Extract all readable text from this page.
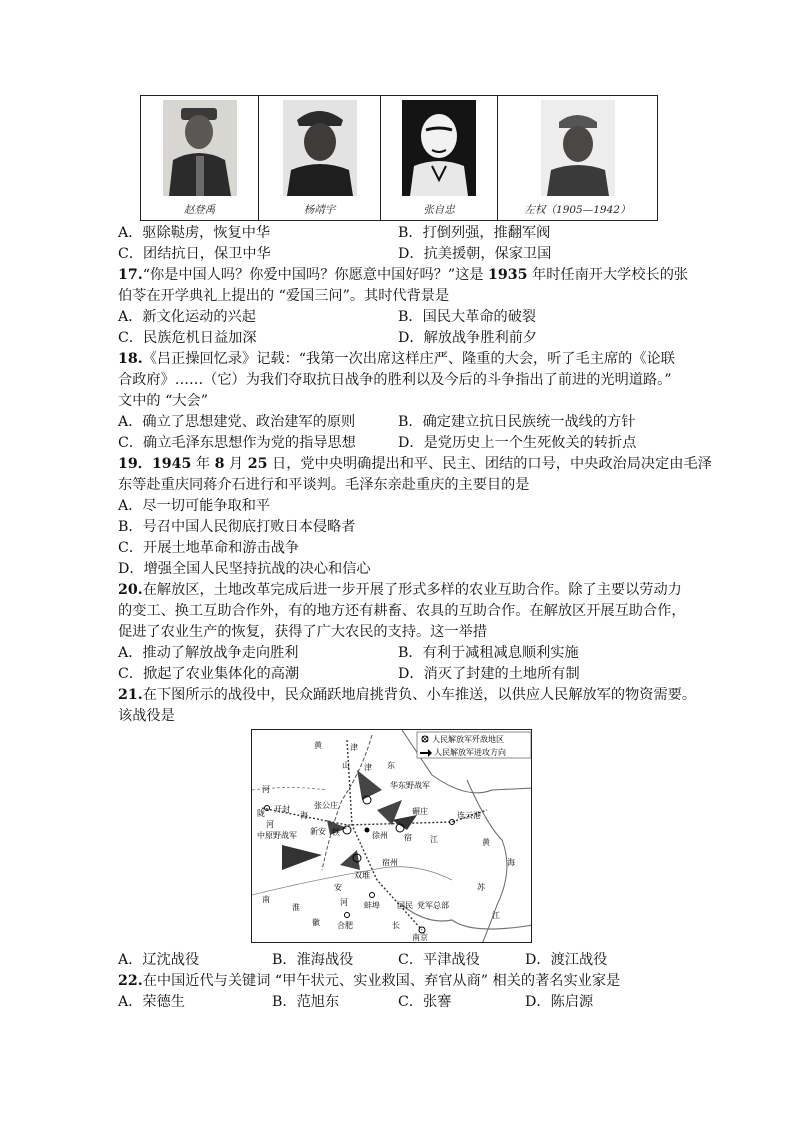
赵登禹	杨靖宇	张自忠	左权（1905—1942）
A．驱除鞑虏，恢复中华	B．打倒列强，推翻军阀
C．团结抗日，保卫中华	D．抗美援朝，保家卫国
17.“你是中国人吗？你爱中国吗？你愿意中国好吗？”这是 1935 年时任南开大学校长的张
伯苓在开学典礼上提出的 “爱国三问”。其时代背景是
A．新文化运动的兴起	B．国民大革命的破裂
C．民族危机日益加深	D．解放战争胜利前夕
18.《吕正操回忆录》记载：“我第一次出席这样庄严、隆重的大会，听了毛主席的《论联
合政府》……（它）为我们夺取抗日战争的胜利以及今后的斗争指出了前进的光明道路。”
文中的 “大会”
A．确立了思想建党、政治建军的原则	B．确定建立抗日民族统一战线的方针
C．确立毛泽东思想作为党的指导思想	D．是党历史上一个生死攸关的转折点
19．1945 年 8 月 25 日，党中央明确提出和平、民主、团结的口号，中央政治局决定由毛泽
东等赴重庆同蒋介石进行和平谈判。毛泽东亲赴重庆的主要目的是
A．尽一切可能争取和平
B．号召中国人民彻底打败日本侵略者
C．开展土地革命和游击战争
D．增强全国人民坚持抗战的决心和信心
20.在解放区，土地改革完成后进一步开展了形式多样的农业互助合作。除了主要以劳动力
的变工、换工互助合作外，有的地方还有耕畜、农具的互助合作。在解放区开展互助合作，
促进了农业生产的恢复，获得了广大农民的支持。这一举措
A．推动了解放战争走向胜利	B．有利于减租减息顺利实施
C．掀起了农业集体化的高潮	D．消灭了封建的土地所有制
21.在下图所示的战役中，民众踊跃地肩挑背负、小车推送，以供应人民解放军的物资需要。
该战役是
人民解放军歼敌地区
人民解放军进攻方向
黄
山 津 东
华东野战军
连云港
黄
海
河
陇 开封
海
张公庄
河
中原野战军 新安 铁	徐州
碾庄
江
宿
双堆
宿州
南
淮
安
河 蚌埠 国民 党军总部
苏
江
徽 合肥	长
南京
津
A．辽沈战役	B．淮海战役	C．平津战役	D．渡江战役
22.在中国近代与关键词 “甲午状元、实业救国、弃官从商” 相关的著名实业家是
A．荣德生	B．范旭东	C．张謇	D．陈启源
